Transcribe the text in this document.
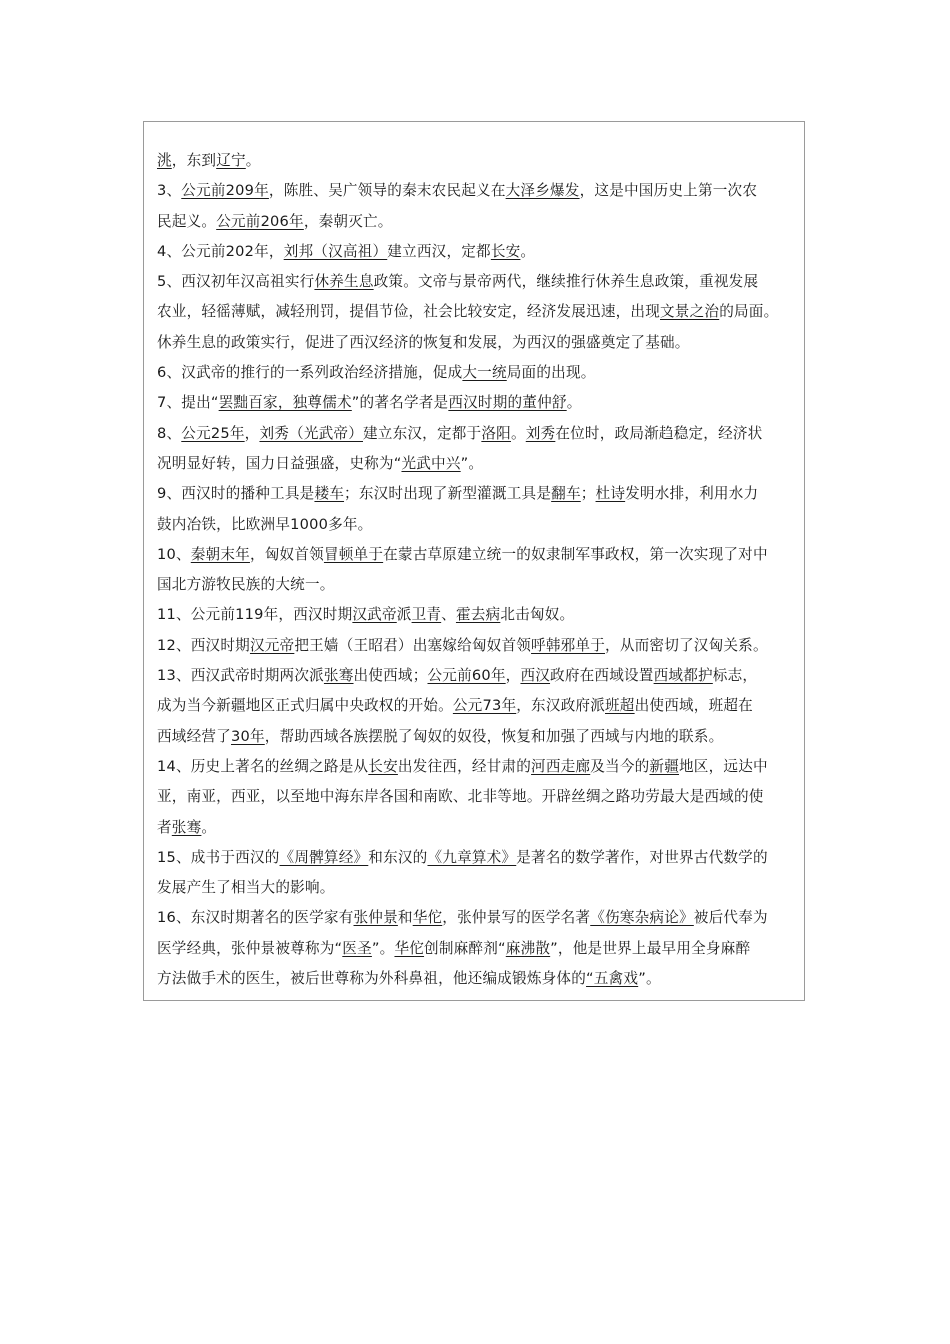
洮，东到辽宁。
3、公元前209年，陈胜、吴广领导的秦末农民起义在大泽乡爆发，这是中国历史上第一次农
民起义。公元前206年，秦朝灭亡。
4、公元前202年，刘邦（汉高祖）建立西汉，定都长安。
5、西汉初年汉高祖实行休养生息政策。文帝与景帝两代，继续推行休养生息政策，重视发展
农业，轻徭薄赋，减轻刑罚，提倡节俭，社会比较安定，经济发展迅速，出现文景之治的局面。
休养生息的政策实行，促进了西汉经济的恢复和发展，为西汉的强盛奠定了基础。
6、汉武帝的推行的一系列政治经济措施，促成大一统局面的出现。
7、提出“罢黜百家，独尊儒术”的著名学者是西汉时期的董仲舒。
8、公元25年，刘秀（光武帝）建立东汉，定都于洛阳。刘秀在位时，政局渐趋稳定，经济状
况明显好转，国力日益强盛，史称为“光武中兴”。
9、西汉时的播种工具是耧车；东汉时出现了新型灌溉工具是翻车；杜诗发明水排，利用水力
鼓内冶铁，比欧洲早1000多年。
10、秦朝末年，匈奴首领冒顿单于在蒙古草原建立统一的奴隶制军事政权，第一次实现了对中
国北方游牧民族的大统一。
11、公元前119年，西汉时期汉武帝派卫青、霍去病北击匈奴。
12、西汉时期汉元帝把王嫱（王昭君）出塞嫁给匈奴首领呼韩邪单于，从而密切了汉匈关系。
13、西汉武帝时期两次派张骞出使西域；公元前60年，西汉政府在西域设置西域都护标志，
成为当今新疆地区正式归属中央政权的开始。公元73年，东汉政府派班超出使西域，班超在
西域经营了30年，帮助西域各族摆脱了匈奴的奴役，恢复和加强了西域与内地的联系。
14、历史上著名的丝绸之路是从长安出发往西，经甘肃的河西走廊及当今的新疆地区，远达中
亚，南亚，西亚，以至地中海东岸各国和南欧、北非等地。开辟丝绸之路功劳最大是西域的使
者张骞。
15、成书于西汉的《周髀算经》和东汉的《九章算术》是著名的数学著作，对世界古代数学的
发展产生了相当大的影响。
16、东汉时期著名的医学家有张仲景和华佗，张仲景写的医学名著《伤寒杂病论》被后代奉为
医学经典，张仲景被尊称为“医圣”。华佗创制麻醉剂“麻沸散”，他是世界上最早用全身麻醉
方法做手术的医生，被后世尊称为外科鼻祖，他还编成锻炼身体的“五禽戏”。
